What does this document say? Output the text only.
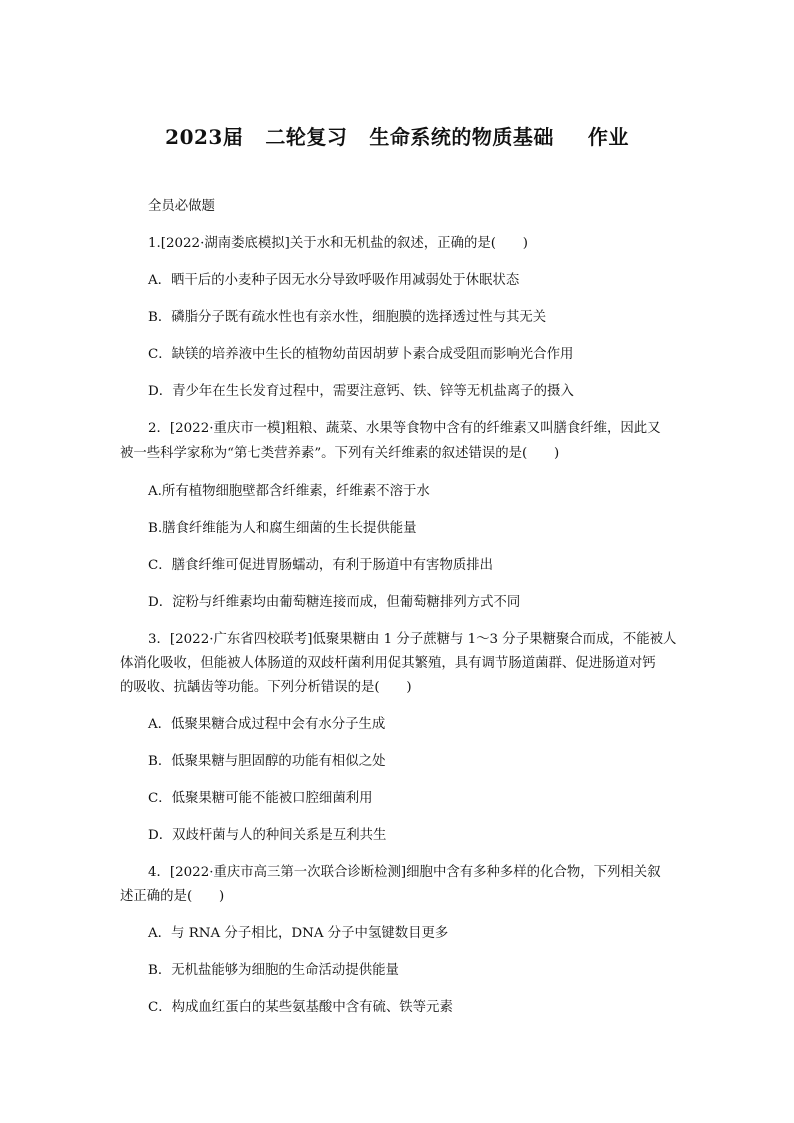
2023届 二轮复习 生命系统的物质基础 作业
全员必做题
1.[2022·湖南娄底模拟]关于水和无机盐的叙述，正确的是(　　)
A．晒干后的小麦种子因无水分导致呼吸作用减弱处于休眠状态
B．磷脂分子既有疏水性也有亲水性，细胞膜的选择透过性与其无关
C．缺镁的培养液中生长的植物幼苗因胡萝卜素合成受阻而影响光合作用
D．青少年在生长发育过程中，需要注意钙、铁、锌等无机盐离子的摄入
2．[2022·重庆市一模]粗粮、蔬菜、水果等食物中含有的纤维素又叫膳食纤维，因此又
被一些科学家称为“第七类营养素”。下列有关纤维素的叙述错误的是(　　)
A.所有植物细胞壁都含纤维素，纤维素不溶于水
B.膳食纤维能为人和腐生细菌的生长提供能量
C．膳食纤维可促进胃肠蠕动，有利于肠道中有害物质排出
D．淀粉与纤维素均由葡萄糖连接而成，但葡萄糖排列方式不同
3．[2022·广东省四校联考]低聚果糖由 1 分子蔗糖与 1～3 分子果糖聚合而成，不能被人
体消化吸收，但能被人体肠道的双歧杆菌利用促其繁殖，具有调节肠道菌群、促进肠道对钙
的吸收、抗龋齿等功能。下列分析错误的是(　　)
A．低聚果糖合成过程中会有水分子生成
B．低聚果糖与胆固醇的功能有相似之处
C．低聚果糖可能不能被口腔细菌利用
D．双歧杆菌与人的种间关系是互利共生
4．[2022·重庆市高三第一次联合诊断检测]细胞中含有多种多样的化合物，下列相关叙
述正确的是(　　)
A．与 RNA 分子相比，DNA 分子中氢键数目更多
B．无机盐能够为细胞的生命活动提供能量
C．构成血红蛋白的某些氨基酸中含有硫、铁等元素
